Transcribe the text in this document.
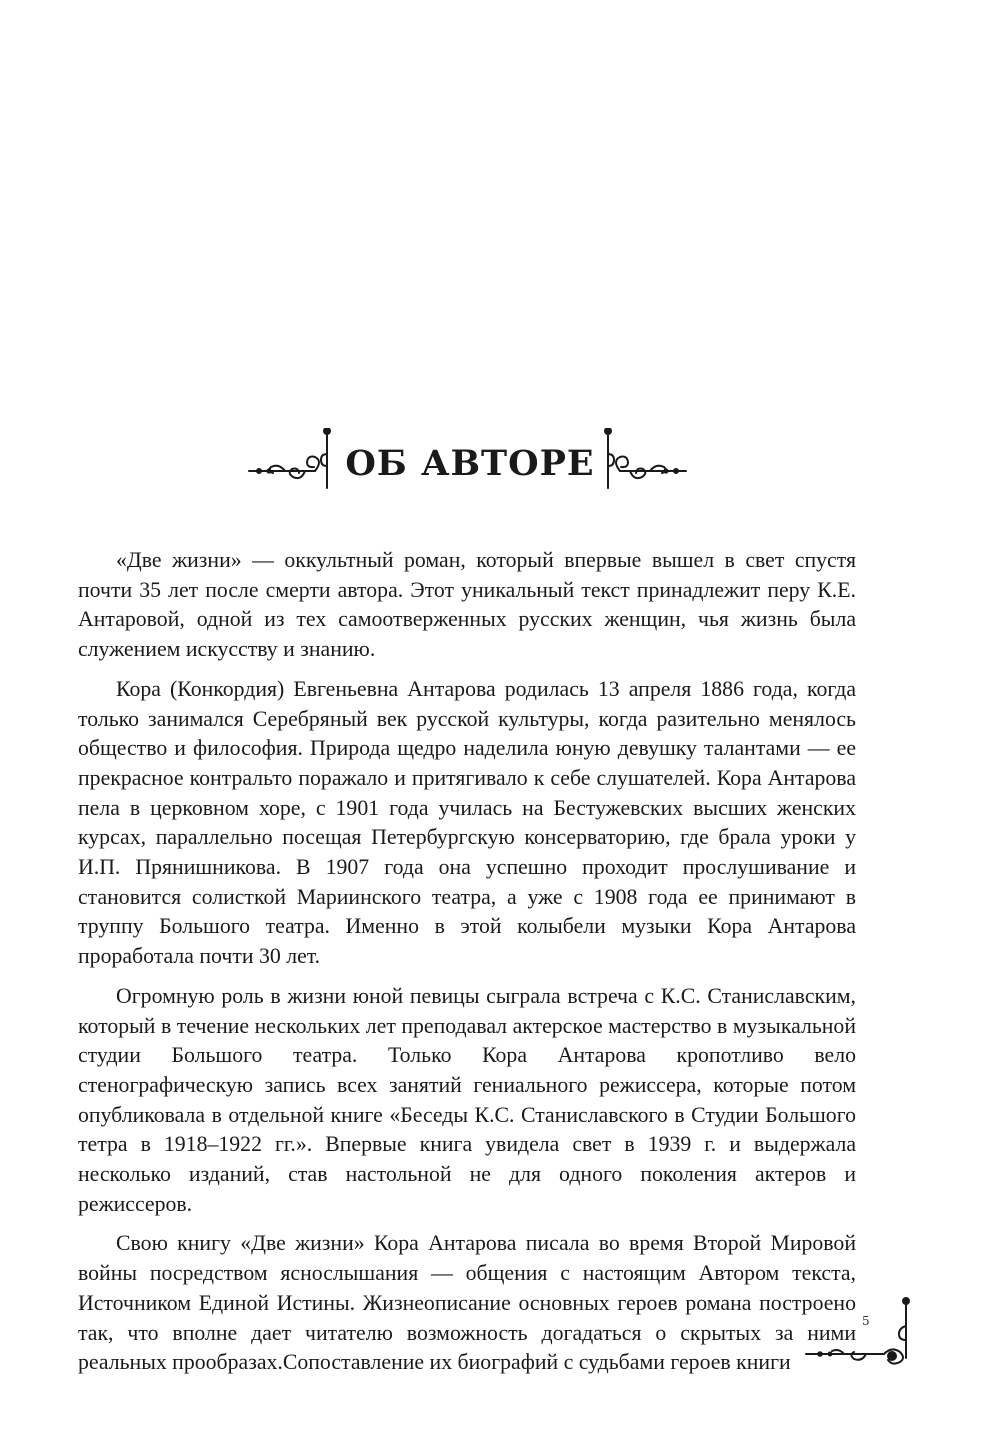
ОБ АВТОРЕ

«Две жизни» — оккультный роман, который впервые вышел в свет спустя почти 35 лет после смерти автора. Этот уникальный текст принадлежит перу К.Е. Антаровой, одной из тех самоотверженных русских женщин, чья жизнь была служением искусству и знанию.

Кора (Конкордия) Евгеньевна Антарова родилась 13 апреля 1886 года, когда только занимался Серебряный век русской культуры, когда разительно менялось общество и философия. Природа щедро наделила юную девушку талантами — ее прекрасное контральто поражало и притягивало к себе слушателей. Кора Антарова пела в церковном хоре, с 1901 года училась на Бестужевских высших женских курсах, параллельно посещая Петербургскую консерваторию, где брала уроки у И.П. Прянишникова. В 1907 года она успешно проходит прослушивание и становится солисткой Мариинского театра, а уже с 1908 года ее принимают в труппу Большого театра. Именно в этой колыбели музыки Кора Антарова проработала почти 30 лет.

Огромную роль в жизни юной певицы сыграла встреча с К.С. Станиславским, который в течение нескольких лет преподавал актерское мастерство в музыкальной студии Большого театра. Только Кора Антарова кропотливо вело стенографическую запись всех занятий гениального режиссера, которые потом опубликовала в отдельной книге «Беседы К.С. Станиславского в Студии Большого тетра в 1918–1922 гг.». Впервые книга увидела свет в 1939 г. и выдержала несколько изданий, став настольной не для одного поколения актеров и режиссеров.

Свою книгу «Две жизни» Кора Антарова писала во время Второй Мировой войны посредством яснослышания — общения с настоящим Автором текста, Источником Единой Истины. Жизнеописание основных героев романа построено так, что вполне дает читателю возможность догадаться о скрытых за ними реальных прообразах.Сопоставление их биографий с судьбами героев книги

5
